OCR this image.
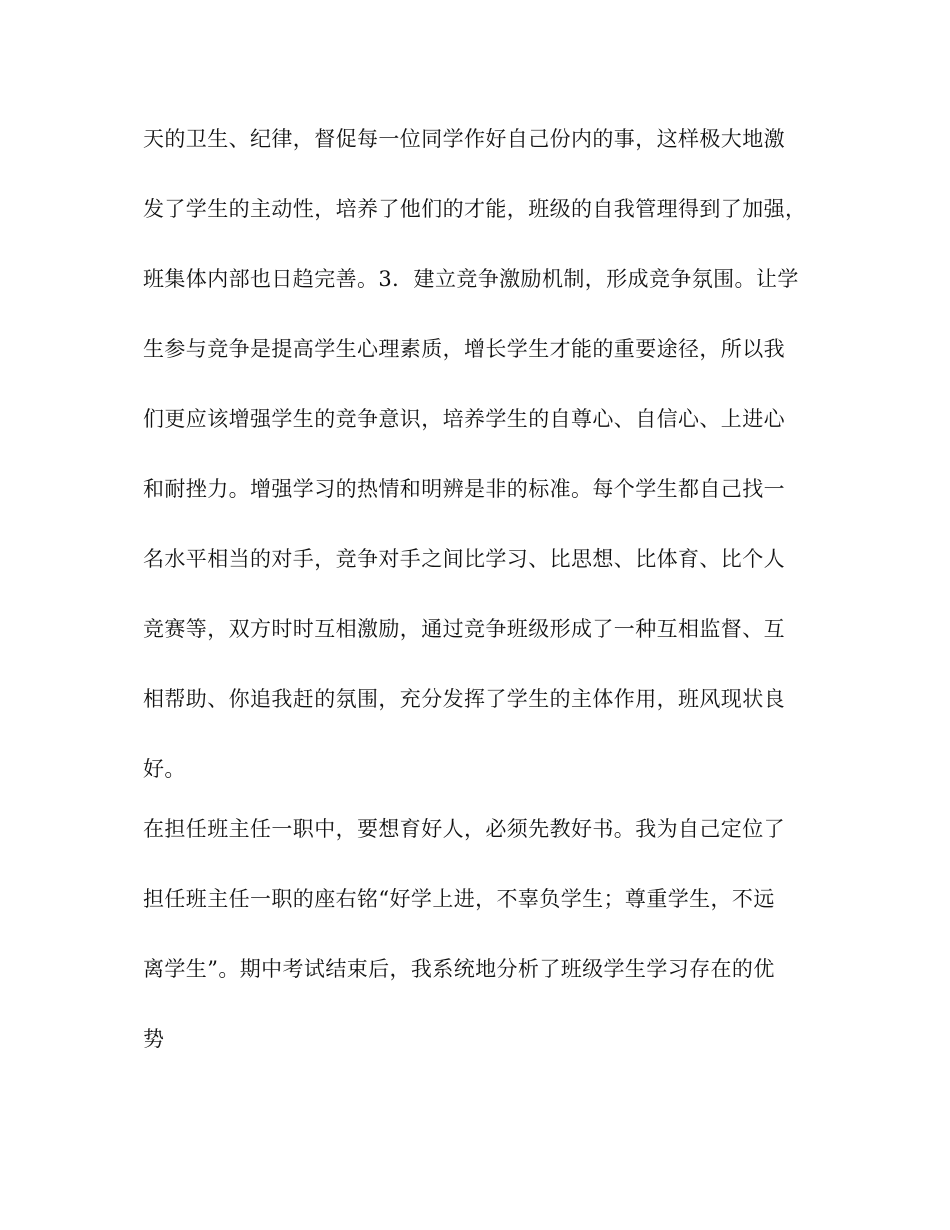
天的卫生、纪律，督促每一位同学作好自己份内的事，这样极大地激

发了学生的主动性，培养了他们的才能，班级的自我管理得到了加强，

班集体内部也日趋完善。3．建立竞争激励机制，形成竞争氛围。让学

生参与竞争是提高学生心理素质，增长学生才能的重要途径，所以我

们更应该增强学生的竞争意识，培养学生的自尊心、自信心、上进心

和耐挫力。增强学习的热情和明辨是非的标准。每个学生都自己找一

名水平相当的对手，竞争对手之间比学习、比思想、比体育、比个人

竞赛等，双方时时互相激励，通过竞争班级形成了一种互相监督、互

相帮助、你追我赶的氛围，充分发挥了学生的主体作用，班风现状良

好。

在担任班主任一职中，要想育好人，必须先教好书。我为自己定位了

担任班主任一职的座右铭“好学上进，不辜负学生；尊重学生，不远

离学生”。期中考试结束后，我系统地分析了班级学生学习存在的优

势
